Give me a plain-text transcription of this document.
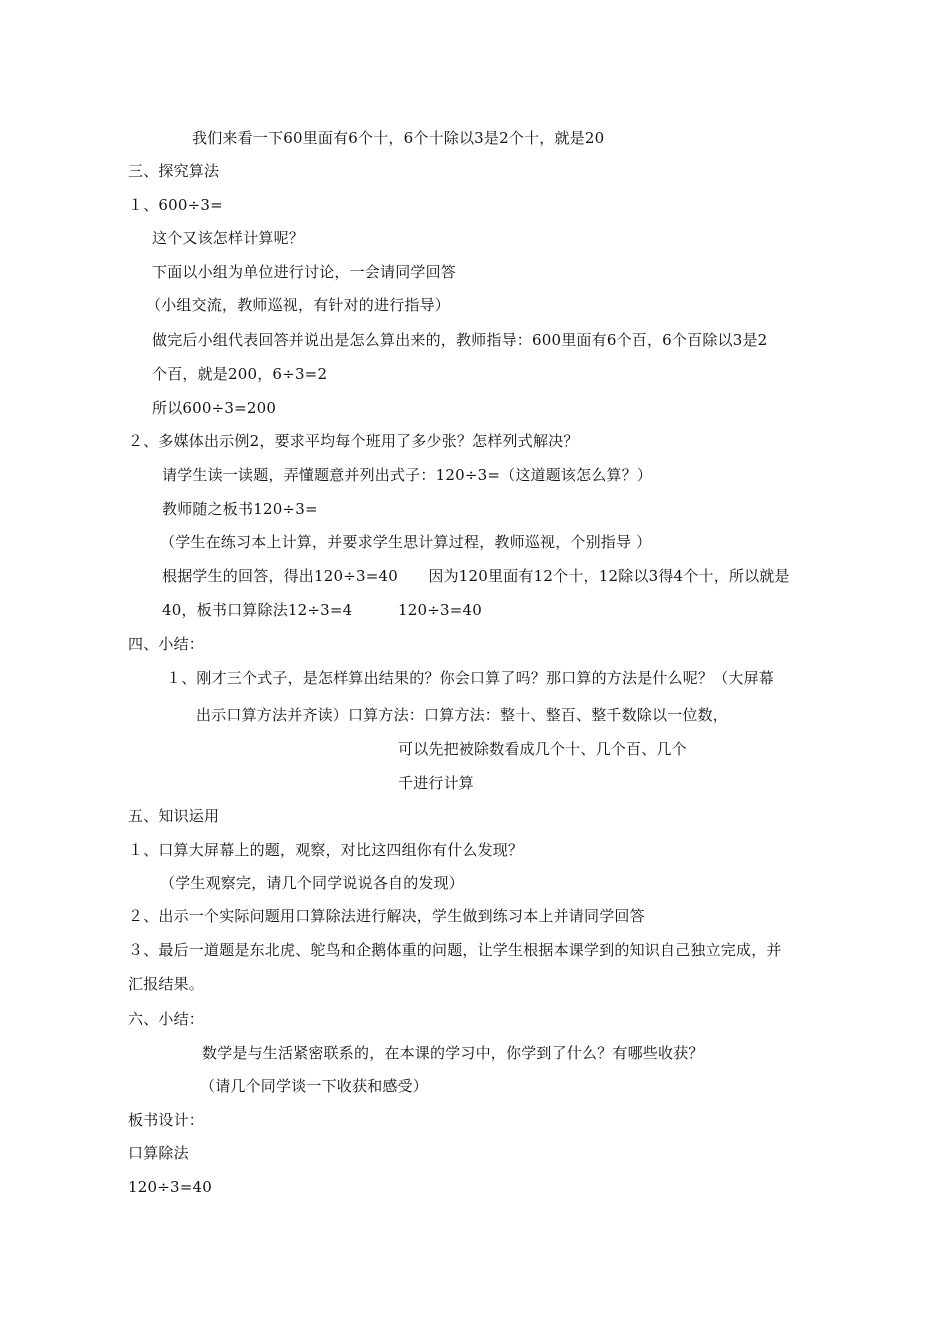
我们来看一下60里面有6个十，6个十除以3是2个十，就是20
三、探究算法
１、600÷3=
这个又该怎样计算呢？
下面以小组为单位进行讨论，一会请同学回答
（小组交流，教师巡视，有针对的进行指导）
做完后小组代表回答并说出是怎么算出来的，教师指导：600里面有6个百，6个百除以3是2
个百，就是200，6÷3=2
所以600÷3=200
２、多媒体出示例2，要求平均每个班用了多少张？怎样列式解决？
请学生读一读题，弄懂题意并列出式子：120÷3=（这道题该怎么算？）
教师随之板书120÷3=
（学生在练习本上计算，并要求学生思计算过程，教师巡视，个别指导 ）
根据学生的回答，得出120÷3=40　　因为120里面有12个十，12除以3得4个十，所以就是
40，板书口算除法12÷3=4　　　120÷3=40
四、小结：
１、刚才三个式子，是怎样算出结果的？你会口算了吗？那口算的方法是什么呢？（大屏幕
出示口算方法并齐读）口算方法：口算方法：整十、整百、整千数除以一位数，
可以先把被除数看成几个十、几个百、几个
千进行计算
五、知识运用
１、口算大屏幕上的题，观察，对比这四组你有什么发现？
（学生观察完，请几个同学说说各自的发现）
２、出示一个实际问题用口算除法进行解决，学生做到练习本上并请同学回答
３、最后一道题是东北虎、鸵鸟和企鹅体重的问题，让学生根据本课学到的知识自己独立完成，并
汇报结果。
六、小结：
数学是与生活紧密联系的，在本课的学习中，你学到了什么？有哪些收获？
（请几个同学谈一下收获和感受）
板书设计：
口算除法
120÷3=40
